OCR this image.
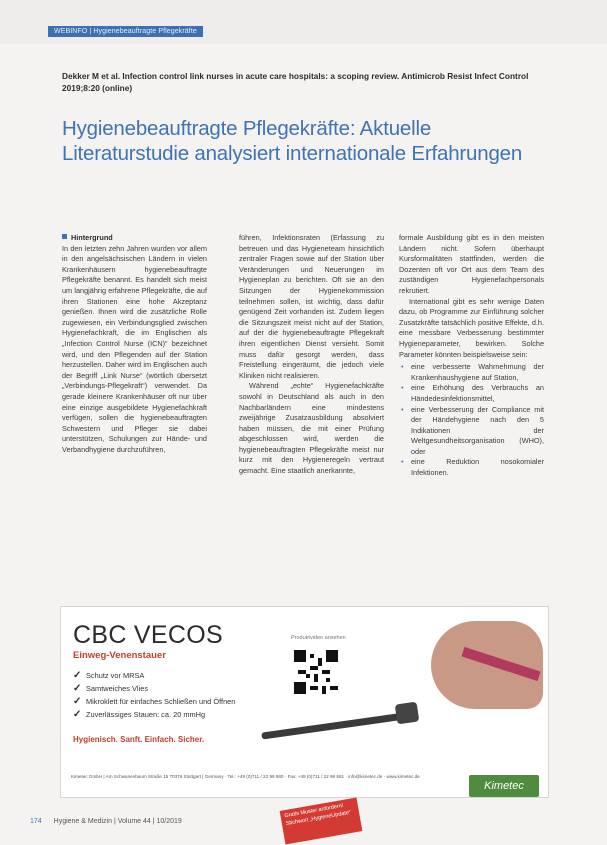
WEBINFO | Hygienebeauftragte Pflegekräfte
Dekker M et al. Infection control link nurses in acute care hospitals: a scoping review. Antimicrob Resist Infect Control 2019;8:20 (online)
Hygienebeauftragte Pflegekräfte: Aktuelle Literaturstudie analysiert internationale Erfahrungen
Hintergrund

In den letzten zehn Jahren wurden vor allem in den angelsächsischen Ländern in vielen Krankenhäusern hygienebeauftragte Pflegekräfte benannt. Es handelt sich meist um langjährig erfahrene Pflegekräfte, die auf ihren Stationen eine hohe Akzeptanz genießen. Ihnen wird die zusätzliche Rolle zugewiesen, ein Verbindungsglied zwischen Hygienefachkraft, die im Englischen als „Infection Control Nurse (ICN)“ bezeichnet wird, und den Pflegenden auf der Station herzustellen. Daher wird im Englischen auch der Begriff „Link Nurse“ (wörtlich übersetzt „Verbindungs-Pflegekraft“) verwendet. Da gerade kleinere Krankenhäuser oft nur über eine einzige ausgebildete Hygienefachkraft verfügen, sollen die hygienebeauftragten Schwestern und Pfleger sie dabei unterstützen, Schulungen zur Hände- und Verbandhygiene durchzuführen,

führen, Infektionsraten (Erfassung zu betreuen und das Hygieneteam hinsichtlich zentraler Fragen sowie auf der Station über Veränderungen und Neuerungen im Hygieneplan zu berichten. Oft sie an den Sitzungen der Hygienekommission teilnehmen sollen, ist wichtig, dass dafür genügend Zeit vorhanden ist. Zudem liegen die Sitzungszeit meist nicht auf der Station, auf der die hygienebeauftragte Pflegekraft ihren eigentlichen Dienst versieht. Somit muss dafür gesorgt werden, dass Freistellung eingeräumt, die jedoch viele Kliniken nicht realisieren.

Während „echte“ Hygienefachkräfte sowohl in Deutschland als auch in den Nachbarländern eine mindestens zweijährige Zusatzausbildung absolviert haben müssen, die mit einer Prüfung abgeschlossen wird, werden die hygienebeauftragten Pflegekräfte meist nur kurz mit den Hygieneregeln vertraut gemacht. Eine staatlich anerkannte,

formale Ausbildung gibt es in den meisten Ländern nicht. Sofern überhaupt Kursformalitäten stattfinden, werden die Dozenten oft vor Ort aus dem Team des zuständigen Hygienefachpersonals rekrutiert.

International gibt es sehr wenige Daten dazu, ob Programme zur Einführung solcher Zusatzkräfte tatsächlich positive Effekte, d.h. eine messbare Verbesserung bestimmter Hygieneparameter, bewirken. Solche Parameter könnten beispielsweise sein:

• eine verbesserte Wahrnehmung der Krankenhaushygiene auf Station,
• eine Erhöhung des Verbrauchs an Händedesinfektionsmittel,
• eine Verbesserung der Compliance mit der Händehygiene nach den 5 Indikationen der Weltgesundheitsorganisation (WHO), oder
• eine Reduktion nosokomialer Infektionen.
CBC VECOS
Einweg-Venenstauer
✓ Schutz vor MRSA
✓ Samtweiches Vlies
✓ Mikroklett für einfaches Schließen und Öffnen
✓ Zuverlässiges Stauen: ca. 20 mmHg
Hygienisch. Sanft. Einfach. Sicher.
Produktvideo ansehen
Kimetec GmbH | Am Schwanenbaum Straße 15 70376 Stuttgart | Germany · Tel.: +49 (0)711 / 22 99 880 · Fax: +49 (0)711 / 22 99 881 · info@kimetec.de · www.kimetec.de
Kimetec
Gratis Muster anfordern! Stichwort „HygieneUpdate“
174 Hygiene & Medizin | Volume 44 | 10/2019
